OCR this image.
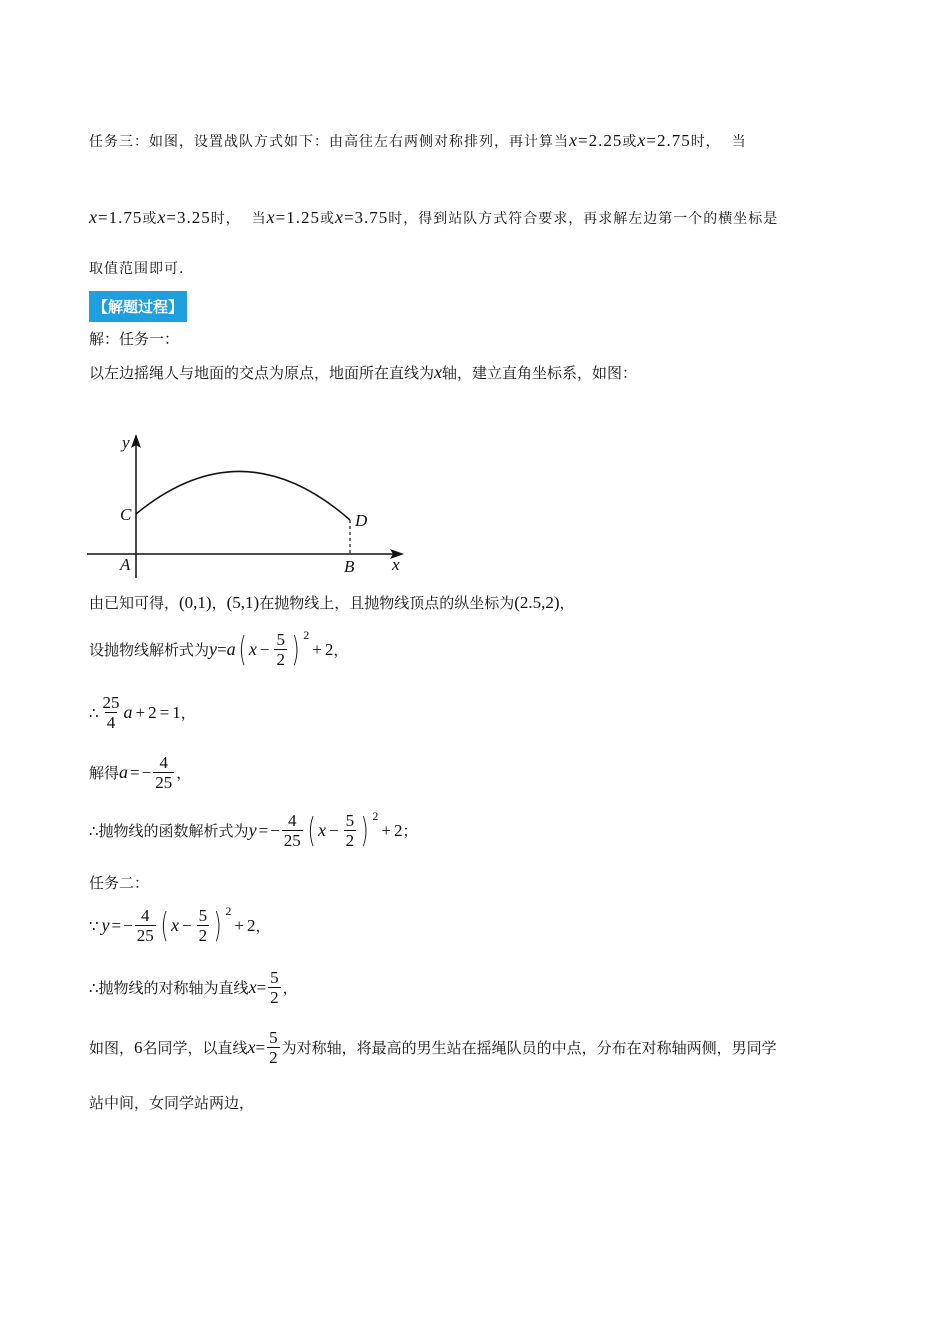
任务三：如图，设置战队方式如下：由高往左右两侧对称排列，再计算当 x = 2.25 或 x = 2.75 时，  当
x = 1.75 或 x = 3.25 时，  当 x = 1.25 或 x = 3.75 时，得到站队方式符合要求，再求解左边第一个的横坐标是
取值范围即可.
【解题过程】
解：任务一：
以左边摇绳人与地面的交点为原点，地面所在直线为 x 轴，建立直角坐标系，如图：
y
x
A	B
C	D
由已知可得， (0,1) ， (5,1) 在抛物线上，且抛物线顶点的纵坐标为 (2.5,2) ，
设抛物线解析式为 y = a ( $x - \frac{5}{2}$ ) 2
+ 2 ，
∴ $\frac{25}{4}$ a + 2 = 1 ，
解得 a = − $\frac{4}{25}$ ，
∴ 抛物线的函数解析式为 y = − $\frac{4}{25}$ ( $x - \frac{5}{2}$ ) 2
+ 2 ；
任务二：
∵ y = − $\frac{4}{25}$ ( $x - \frac{5}{2}$ ) 2
+ 2 ，
∴ 抛物线的对称轴为直线 $x = \frac{5}{2}$ ，
如图， 6 名同学，以直线 $x = \frac{5}{2}$ 为对称轴，将最高的男生站在摇绳队员的中点，分布在对称轴两侧，男同学
站中间，女同学站两边，
